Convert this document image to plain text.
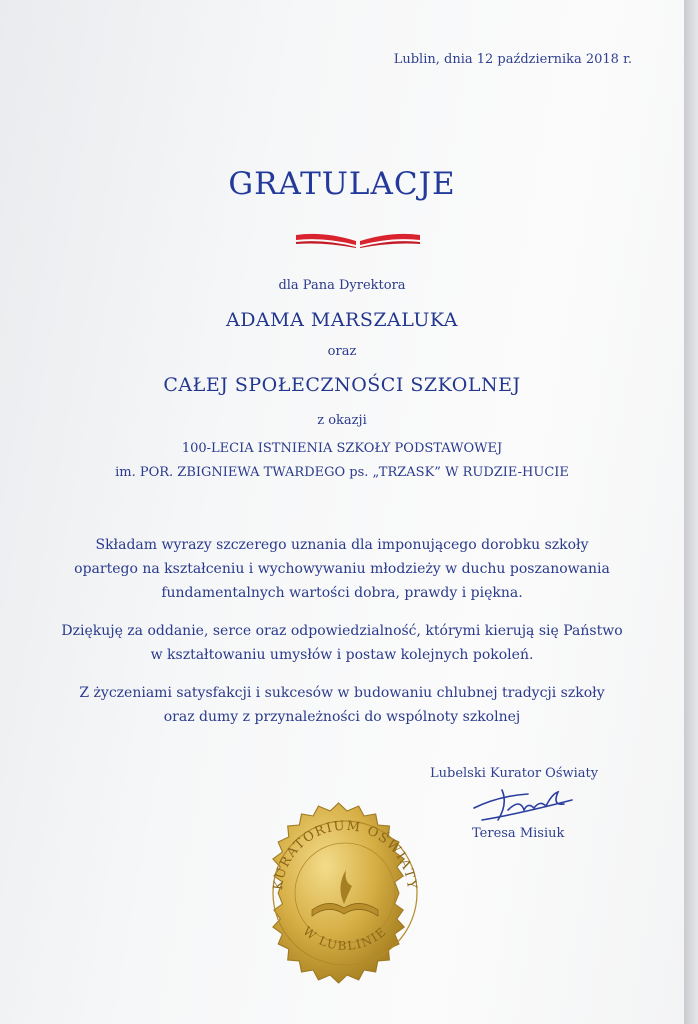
Lublin, dnia 12 października 2018 r.
GRATULACJE
dla Pana Dyrektora
ADAMA MARSZALUKA
oraz
CAŁEJ SPOŁECZNOŚCI SZKOLNEJ
z okazji
100-LECIA ISTNIENIA SZKOŁY PODSTAWOWEJ
im. POR. ZBIGNIEWA TWARDEGO ps. „TRZASK” W RUDZIE-HUCIE
Składam wyrazy szczerego uznania dla imponującego dorobku szkoły
opartego na kształceniu i wychowywaniu młodzieży w duchu poszanowania
fundamentalnych wartości dobra, prawdy i piękna.
Dziękuję za oddanie, serce oraz odpowiedzialność, którymi kierują się Państwo
w kształtowaniu umysłów i postaw kolejnych pokoleń.
Z życzeniami satysfakcji i sukcesów w budowaniu chlubnej tradycji szkoły
oraz dumy z przynależności do wspólnoty szkolnej
Lubelski Kurator Oświaty
Teresa Misiuk
KURATORIUM OŚWIATY
W LUBLINIE
